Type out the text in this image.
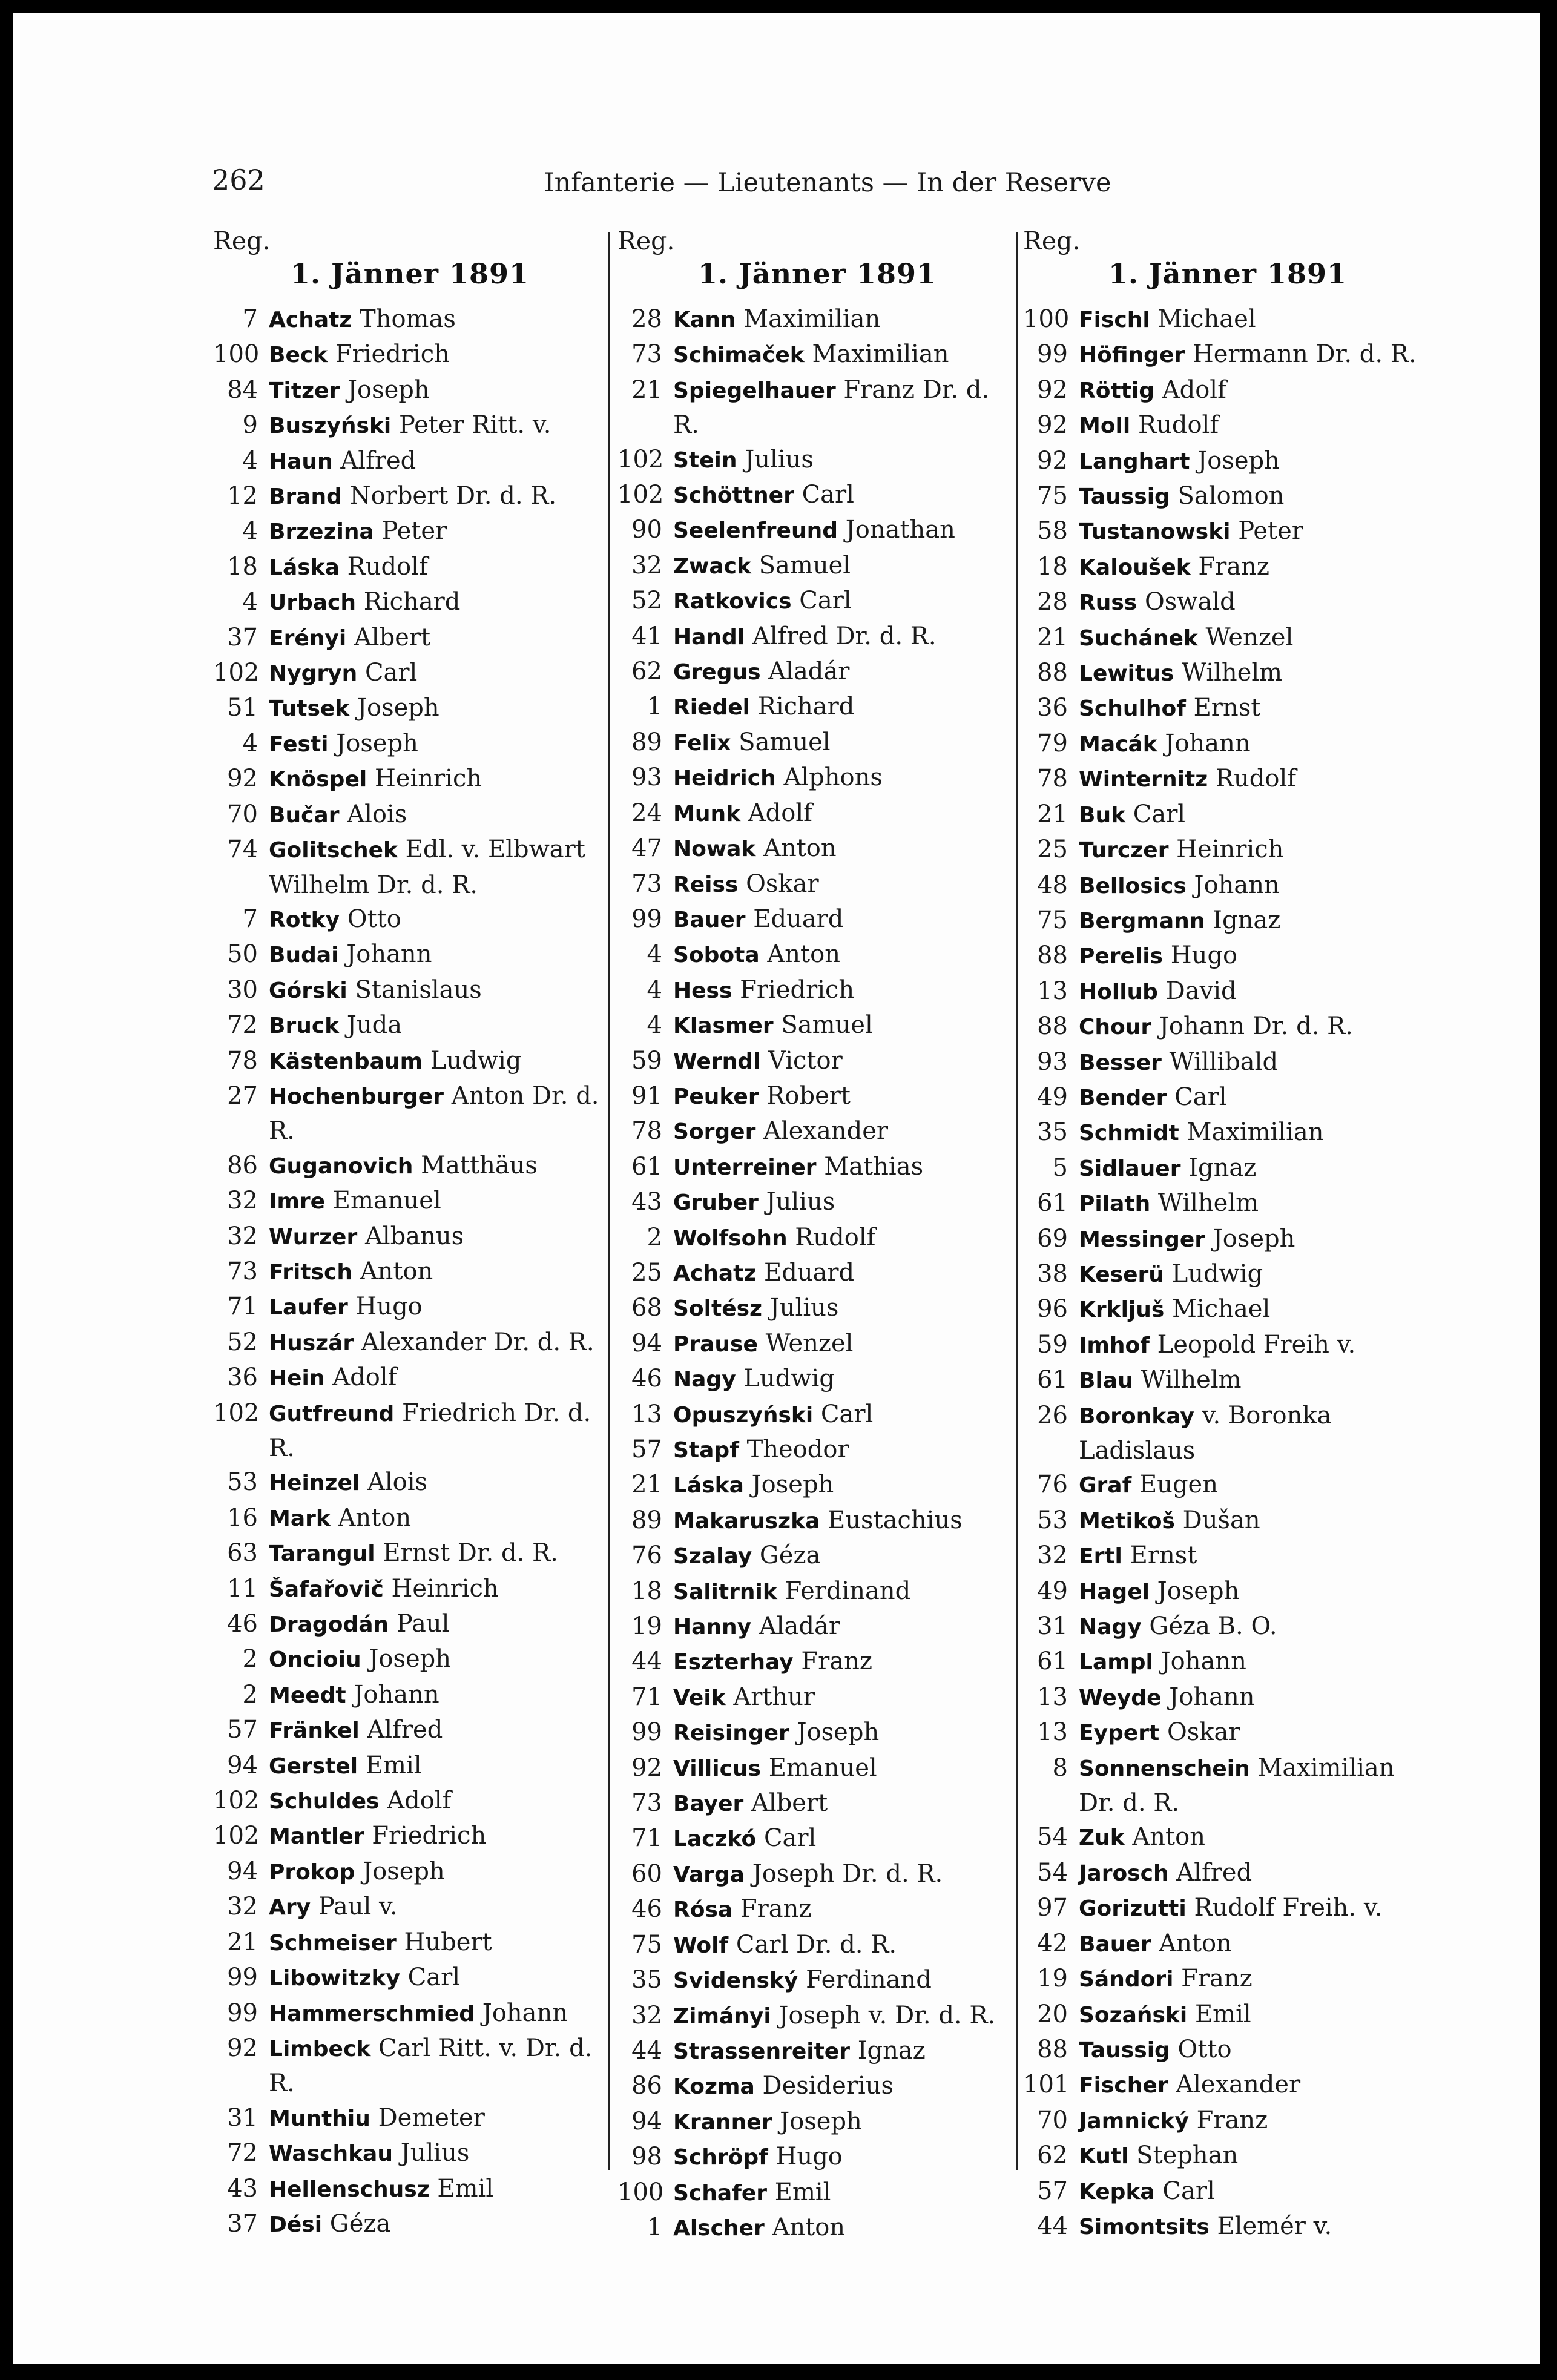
262	Infanterie — Lieutenants — In der Reserve
Reg.
1. Jänner 1891
7 Achatz Thomas
100 Beck Friedrich
84 Titzer Joseph
9 Buszyński Peter Ritt. v.
4 Haun Alfred
12 Brand Norbert Dr. d. R.
4 Brzezina Peter
18 Láska Rudolf
4 Urbach Richard
37 Erényi Albert
102 Nygryn Carl
51 Tutsek Joseph
4 Festi Joseph
92 Knöspel Heinrich
70 Bučar Alois
74 Golitschek Edl. v. Elbwart Wilhelm Dr. d. R.
7 Rotky Otto
50 Budai Johann
30 Górski Stanislaus
72 Bruck Juda
78 Kästenbaum Ludwig
27 Hochenburger Anton Dr. d. R.
86 Guganovich Matthäus
32 Imre Emanuel
32 Wurzer Albanus
73 Fritsch Anton
71 Laufer Hugo
52 Huszár Alexander Dr. d. R.
36 Hein Adolf
102 Gutfreund Friedrich Dr. d. R.
53 Heinzel Alois
16 Mark Anton
63 Tarangul Ernst Dr. d. R.
11 Šafařovič Heinrich
46 Dragodán Paul
2 Oncioiu Joseph
2 Meedt Johann
57 Fränkel Alfred
94 Gerstel Emil
102 Schuldes Adolf
102 Mantler Friedrich
94 Prokop Joseph
32 Ary Paul v.
21 Schmeiser Hubert
99 Libowitzky Carl
99 Hammerschmied Johann
92 Limbeck Carl Ritt. v. Dr. d. R.
31 Munthiu Demeter
72 Waschkau Julius
43 Hellenschusz Emil
37 Dési Géza
Reg.
1. Jänner 1891
28 Kann Maximilian
73 Schimaček Maximilian
21 Spiegelhauer Franz Dr. d. R.
102 Stein Julius
102 Schöttner Carl
90 Seelenfreund Jonathan
32 Zwack Samuel
52 Ratkovics Carl
41 Handl Alfred Dr. d. R.
62 Gregus Aladár
1 Riedel Richard
89 Felix Samuel
93 Heidrich Alphons
24 Munk Adolf
47 Nowak Anton
73 Reiss Oskar
99 Bauer Eduard
4 Sobota Anton
4 Hess Friedrich
4 Klasmer Samuel
59 Werndl Victor
91 Peuker Robert
78 Sorger Alexander
61 Unterreiner Mathias
43 Gruber Julius
2 Wolfsohn Rudolf
25 Achatz Eduard
68 Soltész Julius
94 Prause Wenzel
46 Nagy Ludwig
13 Opuszyński Carl
57 Stapf Theodor
21 Láska Joseph
89 Makaruszka Eustachius
76 Szalay Géza
18 Salitrnik Ferdinand
19 Hanny Aladár
44 Eszterhay Franz
71 Veik Arthur
99 Reisinger Joseph
92 Villicus Emanuel
73 Bayer Albert
71 Laczkó Carl
60 Varga Joseph Dr. d. R.
46 Rósa Franz
75 Wolf Carl Dr. d. R.
35 Svidenský Ferdinand
32 Zimányi Joseph v. Dr. d. R.
44 Strassenreiter Ignaz
86 Kozma Desiderius
94 Kranner Joseph
98 Schröpf Hugo
100 Schafer Emil
1 Alscher Anton
Reg.
1. Jänner 1891
100 Fischl Michael
99 Höfinger Hermann Dr. d. R.
92 Röttig Adolf
92 Moll Rudolf
92 Langhart Joseph
75 Taussig Salomon
58 Tustanowski Peter
18 Kaloušek Franz
28 Russ Oswald
21 Suchánek Wenzel
88 Lewitus Wilhelm
36 Schulhof Ernst
79 Macák Johann
78 Winternitz Rudolf
21 Buk Carl
25 Turczer Heinrich
48 Bellosics Johann
75 Bergmann Ignaz
88 Perelis Hugo
13 Hollub David
88 Chour Johann Dr. d. R.
93 Besser Willibald
49 Bender Carl
35 Schmidt Maximilian
5 Sidlauer Ignaz
61 Pilath Wilhelm
69 Messinger Joseph
38 Keserü Ludwig
96 Krkljuš Michael
59 Imhof Leopold Freih v.
61 Blau Wilhelm
26 Boronkay v. Boronka Ladislaus
76 Graf Eugen
53 Metikoš Dušan
32 Ertl Ernst
49 Hagel Joseph
31 Nagy Géza B. O.
61 Lampl Johann
13 Weyde Johann
13 Eypert Oskar
8 Sonnenschein Maximilian Dr. d. R.
54 Zuk Anton
54 Jarosch Alfred
97 Gorizutti Rudolf Freih. v.
42 Bauer Anton
19 Sándori Franz
20 Sozański Emil
88 Taussig Otto
101 Fischer Alexander
70 Jamnický Franz
62 Kutl Stephan
57 Kepka Carl
44 Simontsits Elemér v.
